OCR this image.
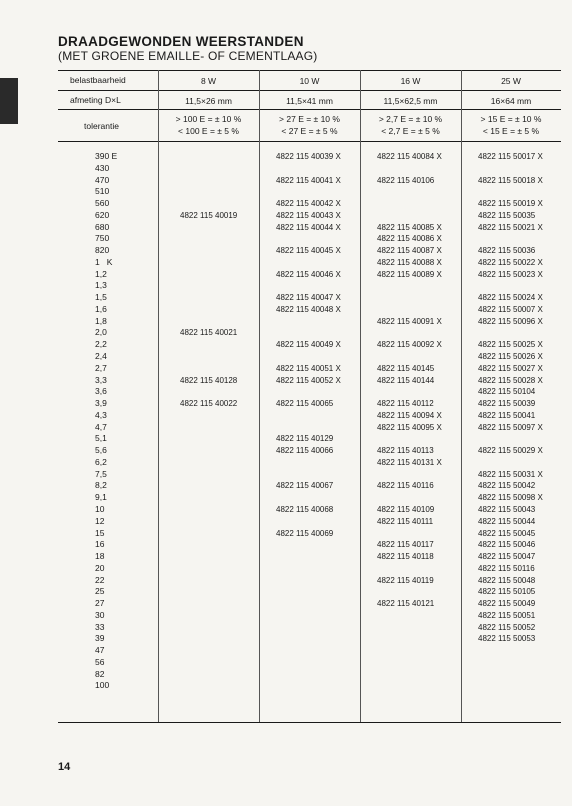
DRAADGEWONDEN WEERSTANDEN
(MET GROENE EMAILLE- OF CEMENTLAAG)
belastbaarheid
afmeting D×L
tolerantie
8 W
11,5×26 mm
> 100 E = ± 10 %
< 100 E = ± 5 %
10 W
11,5×41 mm
> 27 E = ± 10 %
< 27 E = ± 5 %
16 W
11,5×62,5 mm
> 2,7 E = ± 10 %
< 2,7 E = ± 5 %
25 W
16×64 mm
> 15 E = ± 10 %
< 15 E = ± 5 %
390 E
430
470
510
560
620
680
750
820
1   K
1,2
1,3
1,5
1,6
1,8
2,0
2,2
2,4
2,7
3,3
3,6
3,9
4,3
4,7
5,1
5,6
6,2
7,5
8,2
9,1
10
12
15
16
18
20
22
25
27
30
33
39
47
56
82
100
4822 115 40019
4822 115 40021
4822 115 40128
4822 115 40022
4822 115 40039 X
4822 115 40041 X
4822 115 40042 X
4822 115 40043 X
4822 115 40044 X
4822 115 40045 X
4822 115 40046 X
4822 115 40047 X
4822 115 40048 X
4822 115 40049 X
4822 115 40051 X
4822 115 40052 X
4822 115 40065
4822 115 40129
4822 115 40066
4822 115 40067
4822 115 40068
4822 115 40069
4822 115 40084 X
4822 115 40106
4822 115 40085 X
4822 115 40086 X
4822 115 40087 X
4822 115 40088 X
4822 115 40089 X
4822 115 40091 X
4822 115 40092 X
4822 115 40145
4822 115 40144
4822 115 40112
4822 115 40094 X
4822 115 40095 X
4822 115 40113
4822 115 40131 X
4822 115 40116
4822 115 40109
4822 115 40111
4822 115 40117
4822 115 40118
4822 115 40119
4822 115 40121
4822 115 50017 X
4822 115 50018 X
4822 115 50019 X
4822 115 50035
4822 115 50021 X
4822 115 50036
4822 115 50022 X
4822 115 50023 X
4822 115 50024 X
4822 115 50007 X
4822 115 50096 X
4822 115 50025 X
4822 115 50026 X
4822 115 50027 X
4822 115 50028 X
4822 115 50104
4822 115 50039
4822 115 50041
4822 115 50097 X
4822 115 50029 X
4822 115 50031 X
4822 115 50042
4822 115 50098 X
4822 115 50043
4822 115 50044
4822 115 50045
4822 115 50046
4822 115 50047
4822 115 50116
4822 115 50048
4822 115 50105
4822 115 50049
4822 115 50051
4822 115 50052
4822 115 50053
14
